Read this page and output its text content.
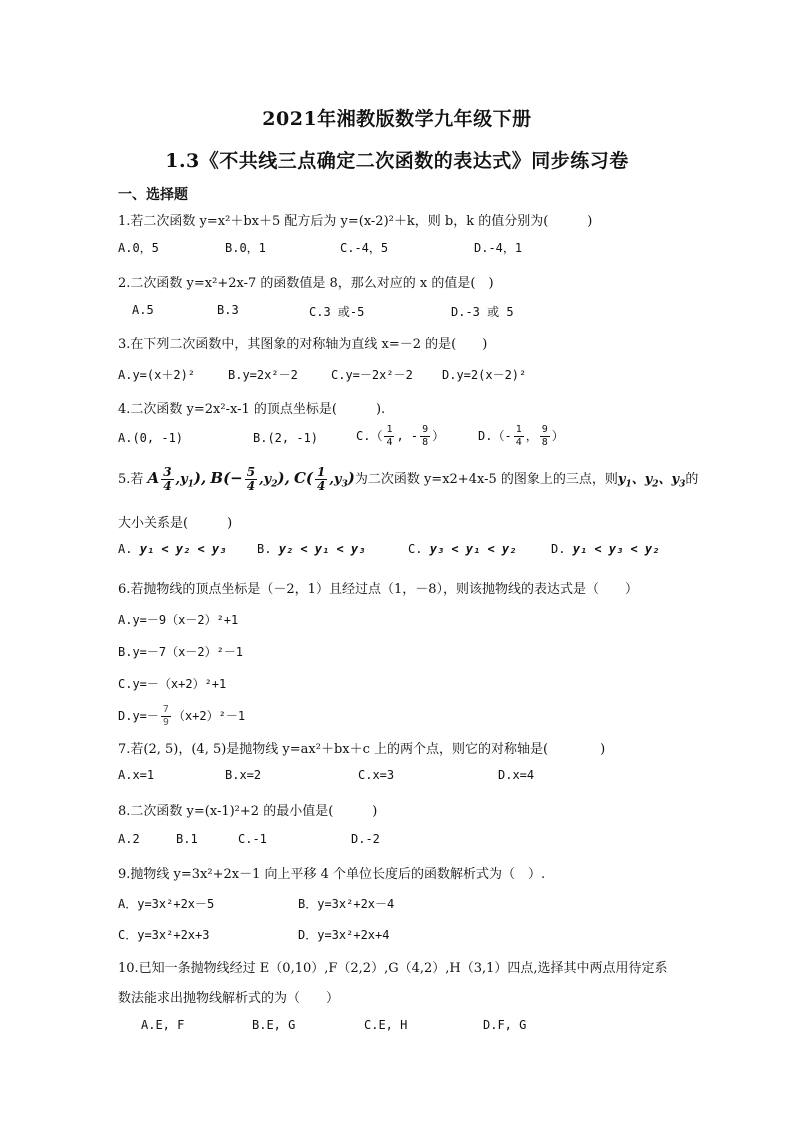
2021年湘教版数学九年级下册
1.3《不共线三点确定二次函数的表达式》同步练习卷
一、选择题
1.若二次函数 y=x²＋bx＋5 配方后为 y=(x-2)²＋k，则 b，k 的值分别为(　　　)
A.0，5	B.0，1	C.-4，5	D.-4，1
2.二次函数 y=x²+2x-7 的函数值是 8，那么对应的 x 的值是(　)
A.5	B.3	C.3 或-5	D.-3 或 5
3.在下列二次函数中，其图象的对称轴为直线 x=－2 的是(　　)
A.y=(x＋2)²	B.y=2x²－2	C.y=－2x²－2 D.y=2(x－2)²
4.二次函数 y=2x²-x-1 的顶点坐标是(　　　).
A.(0, -1)	B.(2, -1)	$C.( \frac{1}{4}$ , - $\frac{9}{8}$ ）	$D.(- \frac{1}{4}$ ， $\frac{9}{8}$ ）
5.若 A $\frac{3}{4} ,y_1$), $B(- \frac{5}{4} ,y_2)$, $C( \frac{1}{4} ,y_3)$为二次函数 y=x2+4x-5 的图象上的三点，则$y_1$、$y_2$、$y_3$的
大小关系是(　　　)
A. y₁ < y₂ < y₃	B. y₂ < y₁ < y₃	C. y₃ < y₁ < y₂	D. y₁ < y₃ < y₂
6.若抛物线的顶点坐标是（－2，1）且经过点（1，－8），则该抛物线的表达式是（　　）
A.y=－9（x－2）²+1
B.y=－7（x－2）²－1
C.y=－（x+2）²+1
$D.y=- \frac{7}{9} (x+2)^2-1$
7.若(2, 5)，(4, 5)是抛物线 y=ax²＋bx＋c 上的两个点，则它的对称轴是(　　　　)
A.x=1	B.x=2	C.x=3	D.x=4
8.二次函数 y=(x-1)²+2 的最小值是(　　　)
A.2	B.1	C.-1	D.-2
9.抛物线 y=3x²+2x－1 向上平移 4 个单位长度后的函数解析式为（　）.
A．y=3x²+2x－5	B．y=3x²+2x－4
C．y=3x²+2x+3	D．y=3x²+2x+4
10.已知一条抛物线经过 E（0,10）,F（2,2）,G（4,2）,H（3,1）四点,选择其中两点用待定系
数法能求出抛物线解析式的为（　　）
A.E, F	B.E, G	C.E, H	D.F, G
